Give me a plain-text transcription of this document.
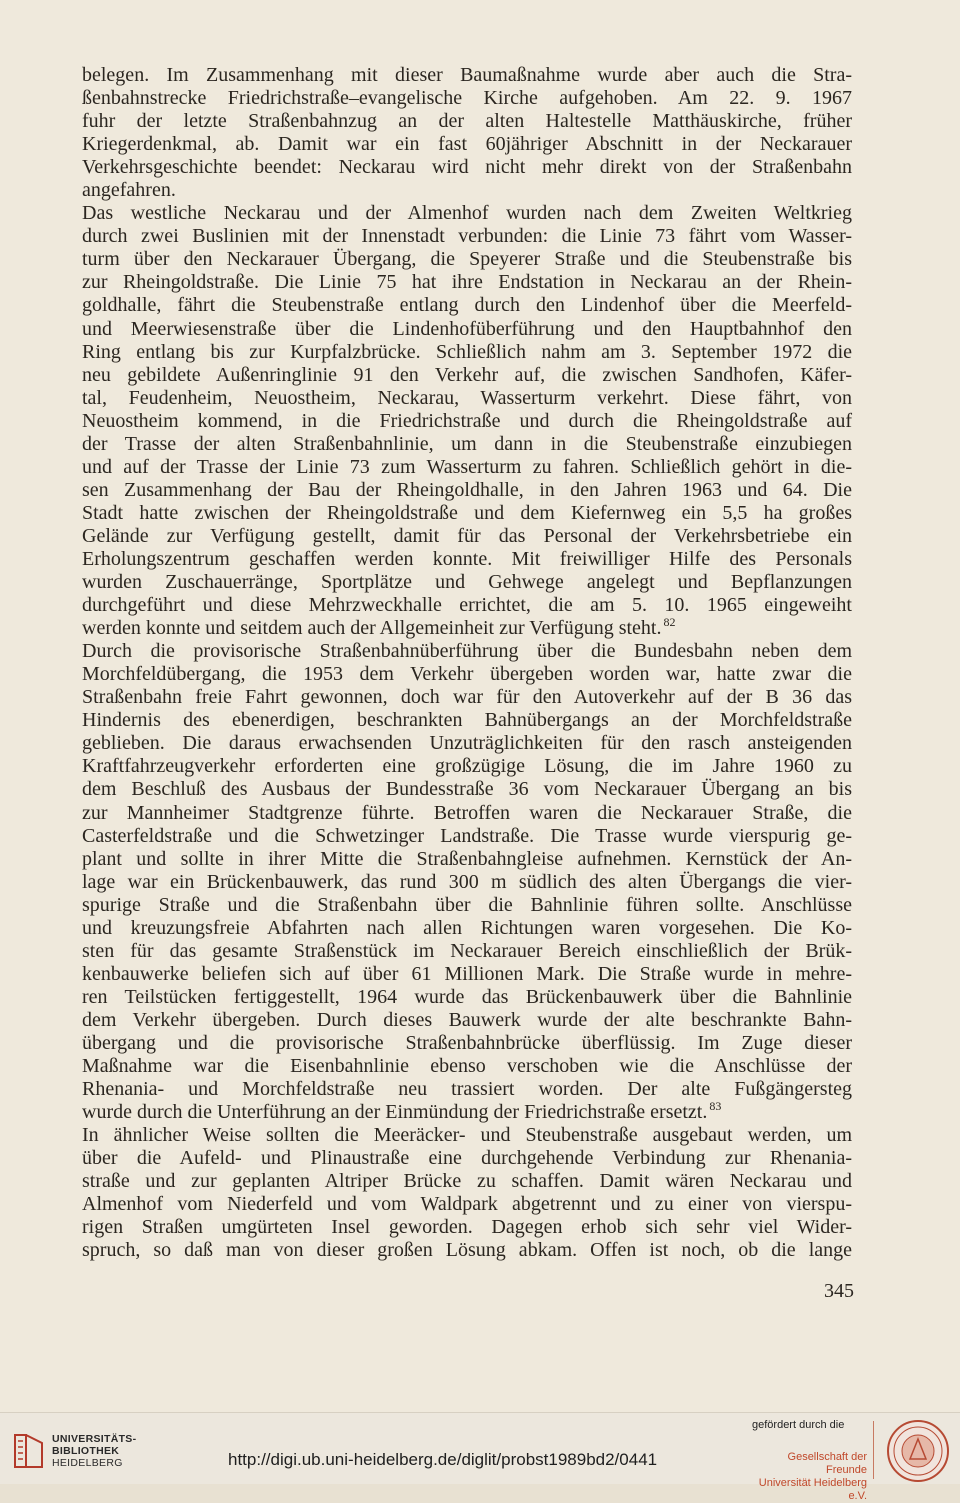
belegen. Im Zusammenhang mit dieser Baumaßnahme wurde aber auch die Stra-
ßenbahnstrecke Friedrichstraße–evangelische Kirche aufgehoben. Am 22. 9. 1967
fuhr der letzte Straßenbahnzug an der alten Haltestelle Matthäuskirche, früher
Kriegerdenkmal, ab. Damit war ein fast 60jähriger Abschnitt in der Neckarauer
Verkehrsgeschichte beendet: Neckarau wird nicht mehr direkt von der Straßenbahn
angefahren.
Das westliche Neckarau und der Almenhof wurden nach dem Zweiten Weltkrieg
durch zwei Buslinien mit der Innenstadt verbunden: die Linie 73 fährt vom Wasser-
turm über den Neckarauer Übergang, die Speyerer Straße und die Steubenstraße bis
zur Rheingoldstraße. Die Linie 75 hat ihre Endstation in Neckarau an der Rhein-
goldhalle, fährt die Steubenstraße entlang durch den Lindenhof über die Meerfeld-
und Meerwiesenstraße über die Lindenhofüberführung und den Hauptbahnhof den
Ring entlang bis zur Kurpfalzbrücke. Schließlich nahm am 3. September 1972 die
neu gebildete Außenringlinie 91 den Verkehr auf, die zwischen Sandhofen, Käfer-
tal, Feudenheim, Neuostheim, Neckarau, Wasserturm verkehrt. Diese fährt, von
Neuostheim kommend, in die Friedrichstraße und durch die Rheingoldstraße auf
der Trasse der alten Straßenbahnlinie, um dann in die Steubenstraße einzubiegen
und auf der Trasse der Linie 73 zum Wasserturm zu fahren. Schließlich gehört in die-
sen Zusammenhang der Bau der Rheingoldhalle, in den Jahren 1963 und 64. Die
Stadt hatte zwischen der Rheingoldstraße und dem Kiefernweg ein 5,5 ha großes
Gelände zur Verfügung gestellt, damit für das Personal der Verkehrsbetriebe ein
Erholungszentrum geschaffen werden konnte. Mit freiwilliger Hilfe des Personals
wurden Zuschauerränge, Sportplätze und Gehwege angelegt und Bepflanzungen
durchgeführt und diese Mehrzweckhalle errichtet, die am 5. 10. 1965 eingeweiht
werden konnte und seitdem auch der Allgemeinheit zur Verfügung steht. $^{82}$
Durch die provisorische Straßenbahnüberführung über die Bundesbahn neben dem
Morchfeldübergang, die 1953 dem Verkehr übergeben worden war, hatte zwar die
Straßenbahn freie Fahrt gewonnen, doch war für den Autoverkehr auf der B 36 das
Hindernis des ebenerdigen, beschrankten Bahnübergangs an der Morchfeldstraße
geblieben. Die daraus erwachsenden Unzuträglichkeiten für den rasch ansteigenden
Kraftfahrzeugverkehr erforderten eine großzügige Lösung, die im Jahre 1960 zu
dem Beschluß des Ausbaus der Bundesstraße 36 vom Neckarauer Übergang an bis
zur Mannheimer Stadtgrenze führte. Betroffen waren die Neckarauer Straße, die
Casterfeldstraße und die Schwetzinger Landstraße. Die Trasse wurde vierspurig ge-
plant und sollte in ihrer Mitte die Straßenbahngleise aufnehmen. Kernstück der An-
lage war ein Brückenbauwerk, das rund 300 m südlich des alten Übergangs die vier-
spurige Straße und die Straßenbahn über die Bahnlinie führen sollte. Anschlüsse
und kreuzungsfreie Abfahrten nach allen Richtungen waren vorgesehen. Die Ko-
sten für das gesamte Straßenstück im Neckarauer Bereich einschließlich der Brük-
kenbauwerke beliefen sich auf über 61 Millionen Mark. Die Straße wurde in mehre-
ren Teilstücken fertiggestellt, 1964 wurde das Brückenbauwerk über die Bahnlinie
dem Verkehr übergeben. Durch dieses Bauwerk wurde der alte beschrankte Bahn-
übergang und die provisorische Straßenbahnbrücke überflüssig. Im Zuge dieser
Maßnahme war die Eisenbahnlinie ebenso verschoben wie die Anschlüsse der
Rhenania- und Morchfeldstraße neu trassiert worden. Der alte Fußgängersteg
wurde durch die Unterführung an der Einmündung der Friedrichstraße ersetzt. $^{83}$
In ähnlicher Weise sollten die Meeräcker- und Steubenstraße ausgebaut werden, um
über die Aufeld- und Plinaustraße eine durchgehende Verbindung zur Rhenania-
straße und zur geplanten Altriper Brücke zu schaffen. Damit wären Neckarau und
Almenhof vom Niederfeld und vom Waldpark abgetrennt und zu einer von vierspu-
rigen Straßen umgürteten Insel geworden. Dagegen erhob sich sehr viel Wider-
spruch, so daß man von dieser großen Lösung abkam. Offen ist noch, ob die lange
345
UNIVERSITÄTS-
BIBLIOTHEK
HEIDELBERG	http://digi.ub.uni-heidelberg.de/diglit/probst1989bd2/0441
gefördert durch die
Gesellschaft der Freunde
Universität Heidelberg e.V.
